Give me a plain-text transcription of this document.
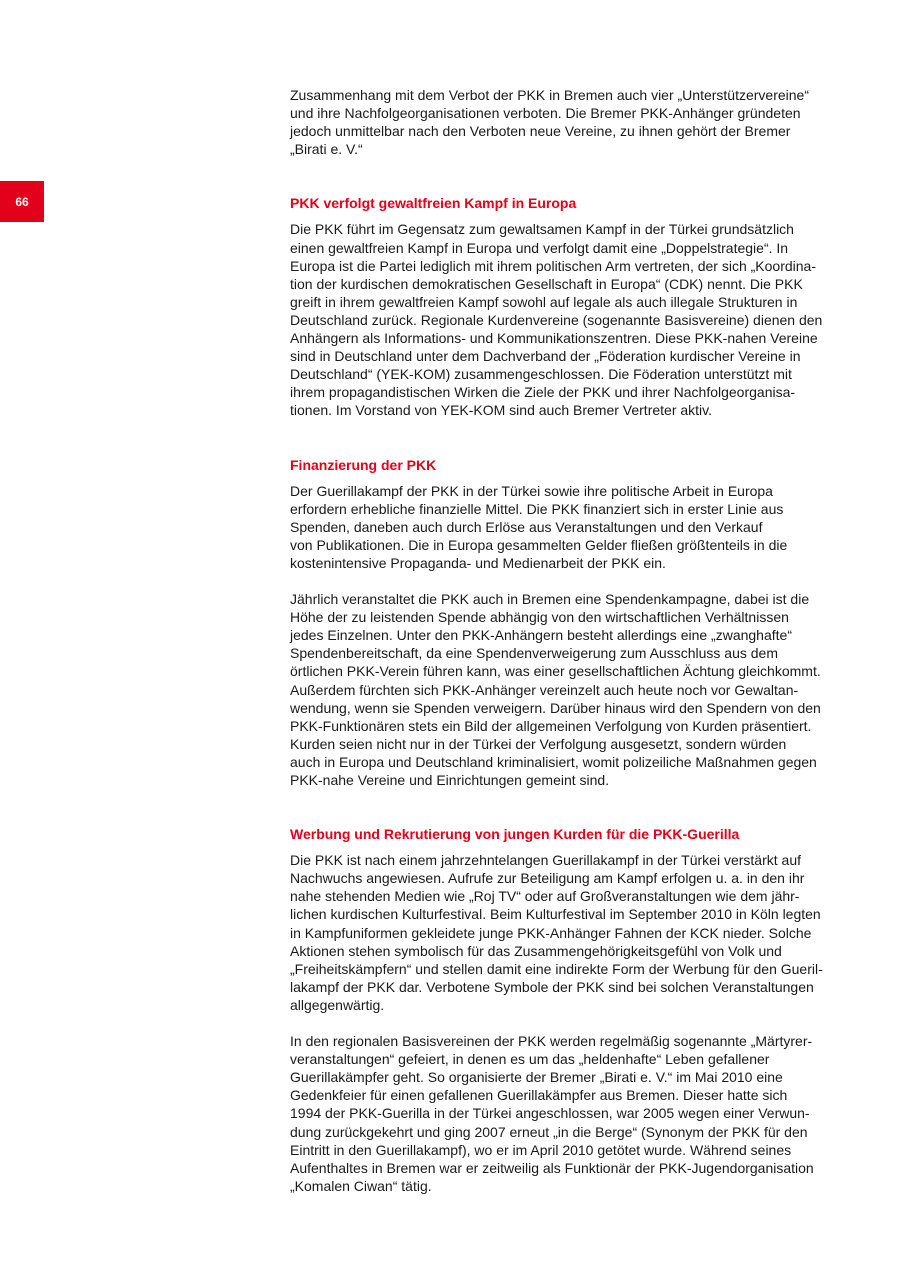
66

Zusammenhang mit dem Verbot der PKK in Bremen auch vier „Unterstützervereine“
und ihre Nachfolgeorganisationen verboten. Die Bremer PKK-Anhänger gründeten
jedoch unmittelbar nach den Verboten neue Vereine, zu ihnen gehört der Bremer
„Birati e. V.“

PKK verfolgt gewaltfreien Kampf in Europa

Die PKK führt im Gegensatz zum gewaltsamen Kampf in der Türkei grundsätzlich
einen gewaltfreien Kampf in Europa und verfolgt damit eine „Doppelstrategie“. In
Europa ist die Partei lediglich mit ihrem politischen Arm vertreten, der sich „Koordina-
tion der kurdischen demokratischen Gesellschaft in Europa“ (CDK) nennt. Die PKK
greift in ihrem gewaltfreien Kampf sowohl auf legale als auch illegale Strukturen in
Deutschland zurück. Regionale Kurdenvereine (sogenannte Basisvereine) dienen den
Anhängern als Informations- und Kommunikationszentren. Diese PKK-nahen Vereine
sind in Deutschland unter dem Dachverband der „Föderation kurdischer Vereine in
Deutschland“ (YEK-KOM) zusammengeschlossen. Die Föderation unterstützt mit
ihrem propagandistischen Wirken die Ziele der PKK und ihrer Nachfolgeorganisa-
tionen. Im Vorstand von YEK-KOM sind auch Bremer Vertreter aktiv.

Finanzierung der PKK

Der Guerillakampf der PKK in der Türkei sowie ihre politische Arbeit in Europa
erfordern erhebliche finanzielle Mittel. Die PKK finanziert sich in erster Linie aus
Spenden, daneben auch durch Erlöse aus Veranstaltungen und den Verkauf
von Publikationen. Die in Europa gesammelten Gelder fließen größtenteils in die
kostenintensive Propaganda- und Medienarbeit der PKK ein.

Jährlich veranstaltet die PKK auch in Bremen eine Spendenkampagne, dabei ist die
Höhe der zu leistenden Spende abhängig von den wirtschaftlichen Verhältnissen
jedes Einzelnen. Unter den PKK-Anhängern besteht allerdings eine „zwanghafte“
Spendenbereitschaft, da eine Spendenverweigerung zum Ausschluss aus dem
örtlichen PKK-Verein führen kann, was einer gesellschaftlichen Ächtung gleichkommt.
Außerdem fürchten sich PKK-Anhänger vereinzelt auch heute noch vor Gewaltan-
wendung, wenn sie Spenden verweigern. Darüber hinaus wird den Spendern von den
PKK-Funktionären stets ein Bild der allgemeinen Verfolgung von Kurden präsentiert.
Kurden seien nicht nur in der Türkei der Verfolgung ausgesetzt, sondern würden
auch in Europa und Deutschland kriminalisiert, womit polizeiliche Maßnahmen gegen
PKK-nahe Vereine und Einrichtungen gemeint sind.

Werbung und Rekrutierung von jungen Kurden für die PKK-Guerilla

Die PKK ist nach einem jahrzehntelangen Guerillakampf in der Türkei verstärkt auf
Nachwuchs angewiesen. Aufrufe zur Beteiligung am Kampf erfolgen u. a. in den ihr
nahe stehenden Medien wie „Roj TV“ oder auf Großveranstaltungen wie dem jähr-
lichen kurdischen Kulturfestival. Beim Kulturfestival im September 2010 in Köln legten
in Kampfuniformen gekleidete junge PKK-Anhänger Fahnen der KCK nieder. Solche
Aktionen stehen symbolisch für das Zusammengehörigkeitsgefühl von Volk und
„Freiheitskämpfern“ und stellen damit eine indirekte Form der Werbung für den Gueril-
lakampf der PKK dar. Verbotene Symbole der PKK sind bei solchen Veranstaltungen
allgegenwärtig.

In den regionalen Basisvereinen der PKK werden regelmäßig sogenannte „Märtyrer-
veranstaltungen“ gefeiert, in denen es um das „heldenhafte“ Leben gefallener
Guerillakämpfer geht. So organisierte der Bremer „Birati e. V.“ im Mai 2010 eine
Gedenkfeier für einen gefallenen Guerillakämpfer aus Bremen. Dieser hatte sich
1994 der PKK-Guerilla in der Türkei angeschlossen, war 2005 wegen einer Verwun-
dung zurückgekehrt und ging 2007 erneut „in die Berge“ (Synonym der PKK für den
Eintritt in den Guerillakampf), wo er im April 2010 getötet wurde. Während seines
Aufenthaltes in Bremen war er zeitweilig als Funktionär der PKK-Jugendorganisation
„Komalen Ciwan“ tätig.
